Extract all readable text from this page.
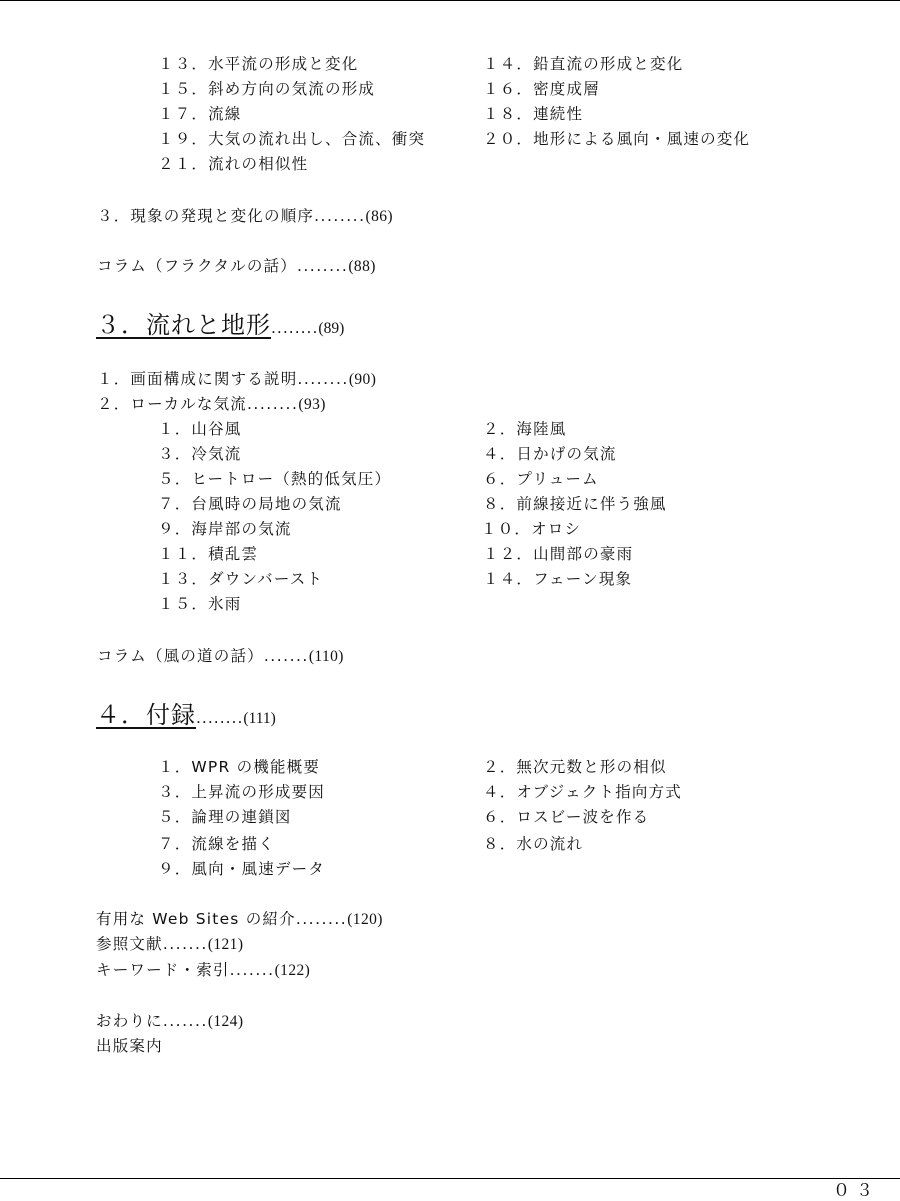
１３．水平流の形成と変化	１４．鉛直流の形成と変化
１５．斜め方向の気流の形成	１６．密度成層
１７．流線	１８．連続性
１９．大気の流れ出し、合流、衝突	２０．地形による風向・風速の変化
２１．流れの相似性
３．現象の発現と変化の順序........(86)
コラム（フラクタルの話）........(88)
３．流れと地形........(89)
１．画面構成に関する説明........(90)
２．ローカルな気流........(93)
１．山谷風	２．海陸風
３．冷気流	４．日かげの気流
５．ヒートロー（熱的低気圧）	６．プリューム
７．台風時の局地の気流	８．前線接近に伴う強風
９．海岸部の気流	１０．オロシ
１１．積乱雲	１２．山間部の豪雨
１３．ダウンバースト	１４．フェーン現象
１５．氷雨
コラム（風の道の話）.......(110)
４．付録........(111)
１．WPR の機能概要	２．無次元数と形の相似
３．上昇流の形成要因	４．オブジェクト指向方式
５．論理の連鎖図	６．ロスビー波を作る
７．流線を描く	８．水の流れ
９．風向・風速データ
有用な Web Sites の紹介........(120)
参照文献.......(121)
キーワード・索引.......(122)
おわりに.......(124)
出版案内
０３
